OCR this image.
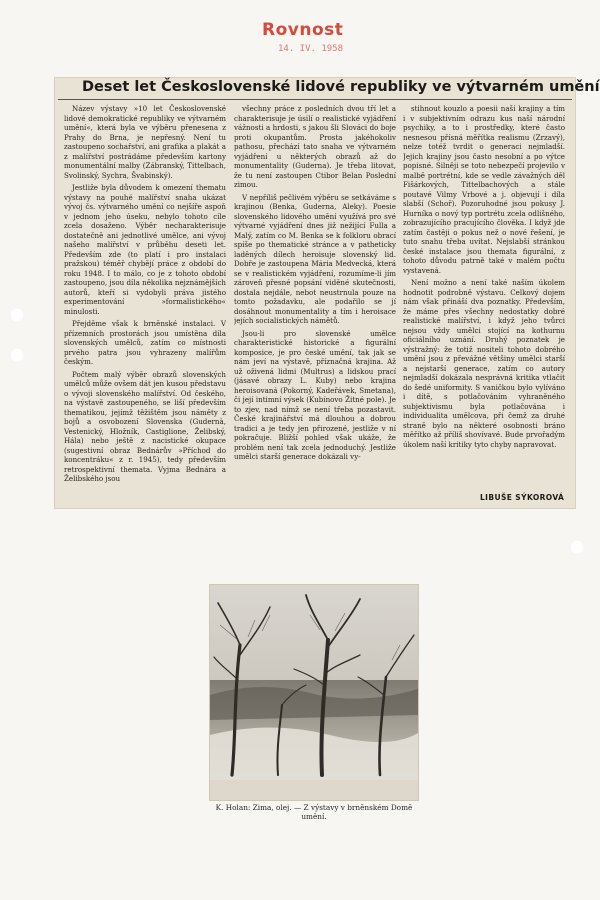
Rovnost
14. IV. 1958
Deset let Československé lidové republiky ve výtvarném umění

Název výstavy »10 let Československé lidové demokratické republiky ve výtvarném umění«, která byla ve výběru přenesena z Prahy do Brna, je nepřesný. Není tu zastoupeno sochařství, ani grafika a plakát a z malířství postrádáme především kartony monumentální malby (Zábranský, Tittelbach, Svolinský, Sychra, Švabinský).

Jestliže byla důvodem k omezení thematu výstavy na pouhé malířství snaha ukázat vývoj čs. výtvarného umění co nejšíře aspoň v jednom jeho úseku, nebylo tohoto cíle zcela dosaženo. Výběr necharakterisuje dostatečně ani jednotlivé umělce, ani vývoj našeho malířství v průběhu deseti let. Především zde (to platí i pro instalaci pražskou) téměř chybějí práce z období do roku 1948. I to málo, co je z tohoto období zastoupeno, jsou díla několika nejznámějších autorů, kteří si vydobyli práva jistého experimentování »formalistického« minulosti.

Přejděme však k brněnské instalaci. V přízemních prostorách jsou umístěna díla slovenských umělců, zatím co místnosti prvého patra jsou vyhrazeny malířům českým.

Počtem malý výběr obrazů slovenských umělců může ovšem dát jen kusou představu o vývoji slovenského malířství. Od českého, na výstavě zastoupeného, se liší především thematikou, jejímž těžištěm jsou náměty z bojů a osvobození Slovenska (Gudernà, Vestenický, Hložník, Castiglione, Želibský, Hála) nebo ještě z nacistické okupace (sugestivní obraz Bednárův »Příchod do koncentráku« z r. 1945), tedy především retrospektivní themata. Vyjma Bednára a Želibského jsou

všechny práce z posledních dvou tří let a charakterisuje je úsilí o realistické vyjádření vážnosti a hrdosti, s jakou šli Slováci do boje proti okupantům. Prosta jakéhokoliv pathosu, přechází tato snaha ve výtvarném vyjádření u některých obrazů až do monumentality (Guderna). Je třeba litovat, že tu není zastoupen Ctibor Belan Poslední zimou.

V nepříliš pečlivém výběru se setkáváme s krajinou (Benka, Guderna, Aleky). Poesie slovenského lidového umění využívá pro své výtvarné vyjádření dnes již nežijící Fulla a Malý, zatím co M. Benka se k folkloru obrací spíše po thematické stránce a v patheticky laděných dílech heroisuje slovenský lid. Dobře je zastoupena Mária Medvecká, která se v realistickém vyjádření, rozumíme-li jím zároveň přesné popsání viděné skutečnosti, dostala nejdále, nebot neustrnula pouze na tomto požadavku, ale podařilo se jí dosáhnout monumentality a tím i heroisace jejích socialistických námětů.

Jsou-li pro slovenské umělce charakteristické historické a figurální komposice, je pro české umění, tak jak se nám jeví na výstavě, příznačná krajina. Až už oživená lidmi (Multrus) a lidskou prací (jásavé obrazy L. Kuby) nebo krajina heroisovaná (Pokorný, Kadeřávek, Smetana), či její intimní výsek (Kubínovo Žitné pole). Je to zjev, nad nímž se není třeba pozastavit. České krajinářství má dlouhou a dobrou tradici a je tedy jen přirozené, jestliže v ní pokračuje. Bližší pohled však ukáže, že problém není tak zcela jednoduchý. Jestliže umělci starší generace dokázali vy-

stihnout kouzlo a poesii naší krajiny a tím i v subjektivním odrazu kus naší národní psychiky, a to i prostředky, které často nesnesou přísná měřítka realismu (Zrzavý), nelze totéž tvrdit o generaci nejmladší. Jejich krajiny jsou často nesobní a po výtce popisné. Silněji se toto nebezpečí projevilo v malbě portrétní, kde se vedle závažných děl Fišárkových, Tittelbachových a stále poutavé Vilmy Vrbové a j. objevují i díla slabší (Schoř). Pozoruhodné jsou pokusy J. Hurníka o nový typ portrétu zcela odlišného, zobrazujícího pracujícího člověka. I když jde zatím častěji o pokus než o nové řešení, je tuto snahu třeba uvítat. Nejslabší stránkou české instalace jsou themata figurální, z tohoto důvodu patrně také v malém počtu vystavená.

Není možno a není také naším úkolem hodnotit podrobně výstavu. Celkový dojem nám však přináší dva poznatky. Především, že máme přes všechny nedostatky dobré realistické malířství, i když jeho tvůrci nejsou vždy umělci stojící na kothurnu oficiálního uznání. Druhý poznatek je výstražný: že totiž nositeli tohoto dobrého umění jsou z převážné většiny umělci starší a nejstarší generace, zatím co autory nejmladší dokázala nesprávná kritika vtlačit do šedé uniformity. S vaničkou bylo vylíváno i dítě, s potlačováním vyhraněného subjektivismu byla potlačována i individualita umělcova, při čemž za druhé straně bylo na některé osobnosti bráno měřítko až příliš shovívavé. Bude prvořadým úkolem naší kritiky tyto chyby napravovat.

LIBUŠE SÝKOROVÁ
K. Holan: Zima, olej. — Z výstavy v brněnském Domě umění.
